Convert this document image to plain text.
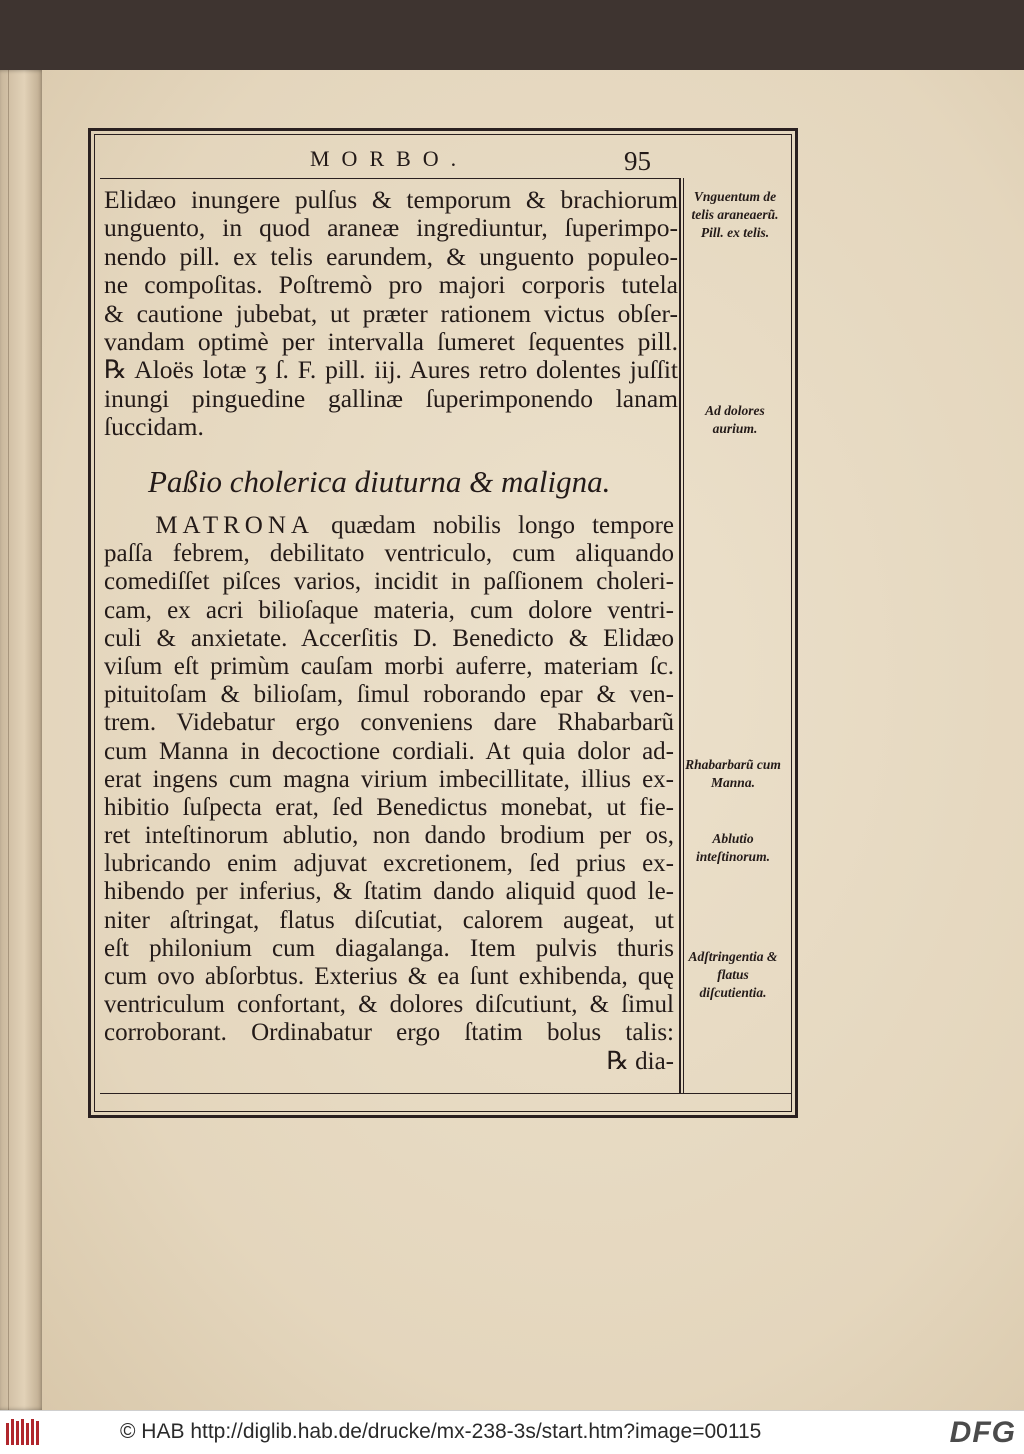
MORBO.	95

Elidæo inungere pulſus & temporum & brachiorum
unguento, in quod araneæ ingrediuntur, ſuperimpo-
nendo pill. ex telis earundem, & unguento populeo-
ne compoſitas. Poſtremò pro majori corporis tutela
& cautione jubebat, ut præter rationem victus obſer-
vandam optimè per intervalla ſumeret ſequentes pill.
℞ Aloës lotæ ʒ ſ. F. pill. iij. Aures retro dolentes juſſit
inungi pinguedine gallinæ ſuperimponendo lanam
ſuccidam.

Paßio cholerica diuturna & maligna.

MATRONA quædam nobilis longo tempore
paſſa febrem, debilitato ventriculo, cum aliquando
comediſſet piſces varios, incidit in paſſionem choleri-
cam, ex acri bilioſaque materia, cum dolore ventri-
culi & anxietate. Accerſitis D. Benedicto & Elidæo
viſum eſt primùm cauſam morbi auferre, materiam ſc.
pituitoſam & bilioſam, ſimul roborando epar & ven-
trem. Videbatur ergo conveniens dare Rhabarbarũ
cum Manna in decoctione cordiali. At quia dolor ad-
erat ingens cum magna virium imbecillitate, illius ex-
hibitio ſuſpecta erat, ſed Benedictus monebat, ut fie-
ret inteſtinorum ablutio, non dando brodium per os,
lubricando enim adjuvat excretionem, ſed prius ex-
hibendo per inferius, & ſtatim dando aliquid quod le-
niter aſtringat, flatus diſcutiat, calorem augeat, ut
eſt philonium cum diagalanga. Item pulvis thuris
cum ovo abſorbtus. Exterius & ea ſunt exhibenda, quę
ventriculum confortant, & dolores diſcutiunt, & ſimul
corroborant. Ordinabatur ergo ſtatim bolus talis:
℞ dia-
Vnguentum de telis araneaerũ. Pill. ex telis.
Ad dolores aurium.
Rhabarbarũ cum Manna.
Ablutio inteſtinorum.
Adſtringentia & flatus diſcutientia.
© HAB http://diglib.hab.de/drucke/mx-238-3s/start.htm?image=00115	DFG
